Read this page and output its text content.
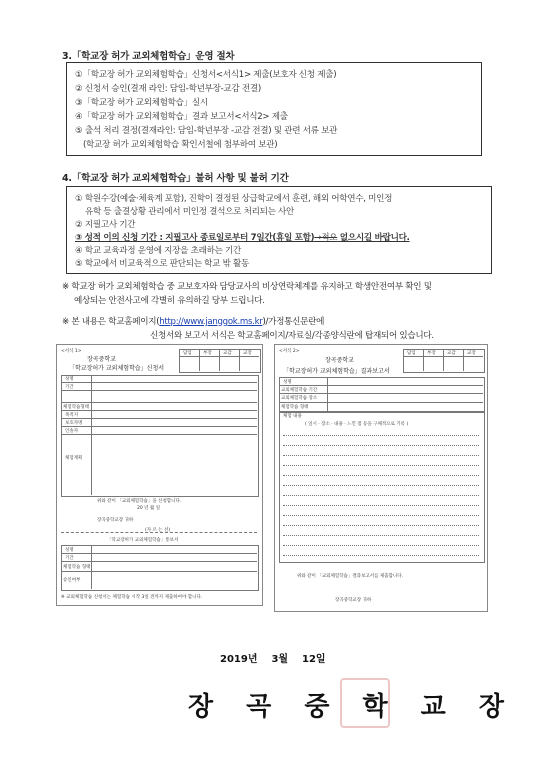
3.「학교장 허가 교외체험학습」운영 절차
①「학교장 허가 교외체험학습」신청서<서식1> 제출(보호자 신청 제출)
② 신청서 승인(결재 라인: 담임-학년부장-교감 전결)
③「학교장 허가 교외체험학습」실시
④「학교장 허가 교외체험학습」결과 보고서<서식2> 제출
⑤ 출석 처리 결정(결재라인: 담임-학년부장 -교감 전결) 및 관련 서류 보관
(학교장 허가 교외체험학습 확인서철에 첨부하여 보관)
4.「학교장 허가 교외체험학습」불허 사항 및 불허 기간
① 학원수강(예술·체육계 포함), 진학이 결정된 상급학교에서 훈련, 해외 어학연수, 미인정
유학 등 출결상황 관리에서 미인정 결석으로 처리되는 사안
② 지필고사 기간
③ 성적 이의 신청 기간 : 지필고사 종료일로부터 7일간(휴일 포함)→적오 없으시길 바랍니다.
④ 학교 교육과정 운영에 지장을 초래하는 기간
⑤ 학교에서 비교육적으로 판단되는 학교 밖 활동
※ 학교장 허가 교외체험학습 중 교보호자와 담당교사의 비상연락체계를 유지하고 학생안전여부 확인 및
예상되는 안전사고에 각별히 유의하길 당부 드립니다.
※ 본 내용은 학교홈페이지(http://www.janggok.ms.kr)/가정통신문란에
신청서와 보고서 서식은 학교홈페이지/자료실/각종양식란에 탑재되어 있습니다.
<서식 1>
장곡중학교
「학교장허가 교외체험학습」신청서
담임	부장	교감	교장
성명
기간
체험학습형태
목적지
보호자명
인솔자
체험계획
위와 같이 「교외체험학습」을 신청합니다.
20 년 월 일
장곡중학교장 귀하
(자 르 는 선)
「학교장허가 교외체험학습」통보서
성명
기간
체험학습 형태
승인여부
※ 교외체험학습 신청서는 체험학습 시작 3일 전까지 제출하여야 합니다.
<서식 2>
장곡중학교
「학교장허가 교외체험학습」결과보고서
담임	부장	교감	교장
성명
교외체험학습 기간
교외체험학습 장소
체험학습 형태
체험 내용
( 일시 · 장소 · 내용 · 느낀 점 등을 구체적으로 기록 )
위와 같이 「교외체험학습」결과보고서를 제출합니다.
장곡중학교장 귀하
2019년 3월 12일
장 곡 중 학 교 장
